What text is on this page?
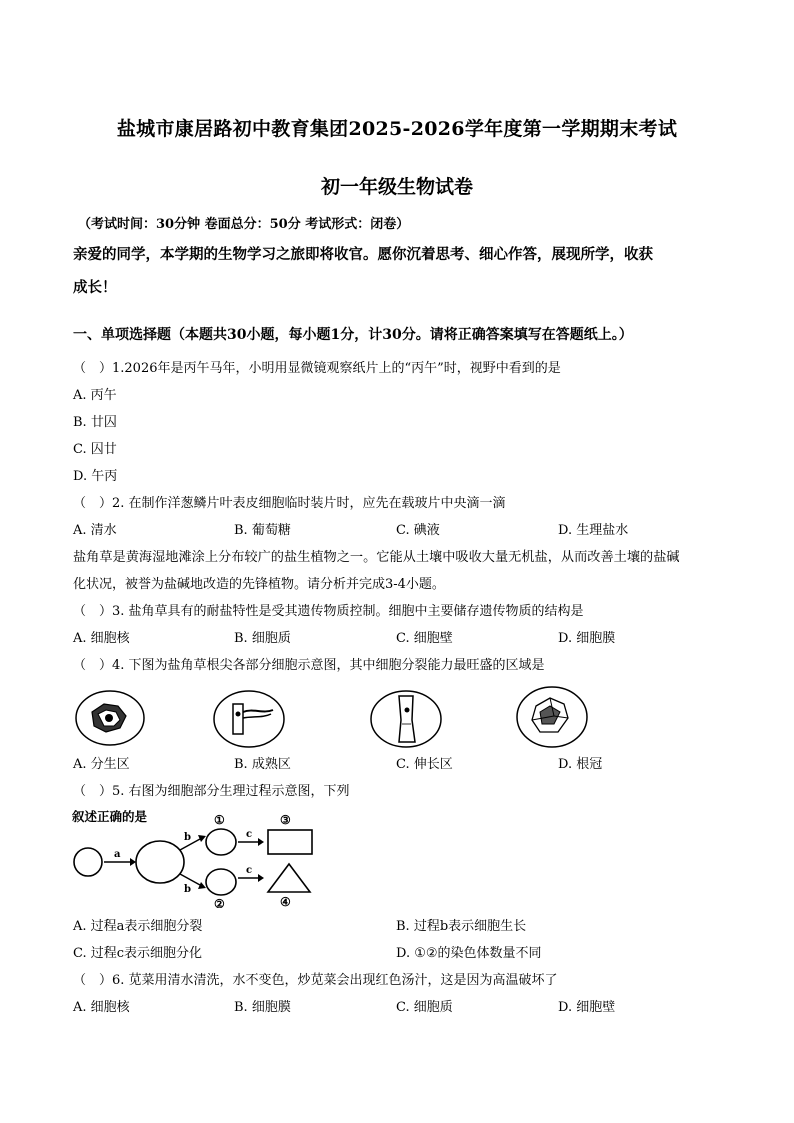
盐城市康居路初中教育集团2025-2026学年度第一学期期末考试
初一年级生物试卷
（考试时间：30分钟 卷面总分：50分 考试形式：闭卷）
亲爱的同学，本学期的生物学习之旅即将收官。愿你沉着思考、细心作答，展现所学，收获
成长！
一、单项选择题（本题共30小题，每小题1分，计30分。请将正确答案填写在答题纸上。）
（　）1.2026年是丙午马年，小明用显微镜观察纸片上的“丙午”时，视野中看到的是
A. 丙午
B. 廿囚
C. 囚廿
D. 午丙
（　）2. 在制作洋葱鳞片叶表皮细胞临时装片时，应先在载玻片中央滴一滴
A. 清水	B. 葡萄糖	C. 碘液	D. 生理盐水
盐角草是黄海湿地滩涂上分布较广的盐生植物之一。它能从土壤中吸收大量无机盐，从而改善土壤的盐碱
化状况，被誉为盐碱地改造的先锋植物。请分析并完成3-4小题。
（　）3. 盐角草具有的耐盐特性是受其遗传物质控制。细胞中主要储存遗传物质的结构是
A. 细胞核	B. 细胞质	C. 细胞壁	D. 细胞膜
（　）4. 下图为盐角草根尖各部分细胞示意图，其中细胞分裂能力最旺盛的区域是
A. 分生区	B. 成熟区	C. 伸长区	D. 根冠
（　）5. 右图为细胞部分生理过程示意图，下列
叙述正确的是
a
b
b
①
②
c
c
③
④
A. 过程a表示细胞分裂	B. 过程b表示细胞生长
C. 过程c表示细胞分化	D. ①②的染色体数量不同
（　）6. 苋菜用清水清洗，水不变色，炒苋菜会出现红色汤汁，这是因为高温破坏了
A. 细胞核	B. 细胞膜	C. 细胞质	D. 细胞壁
